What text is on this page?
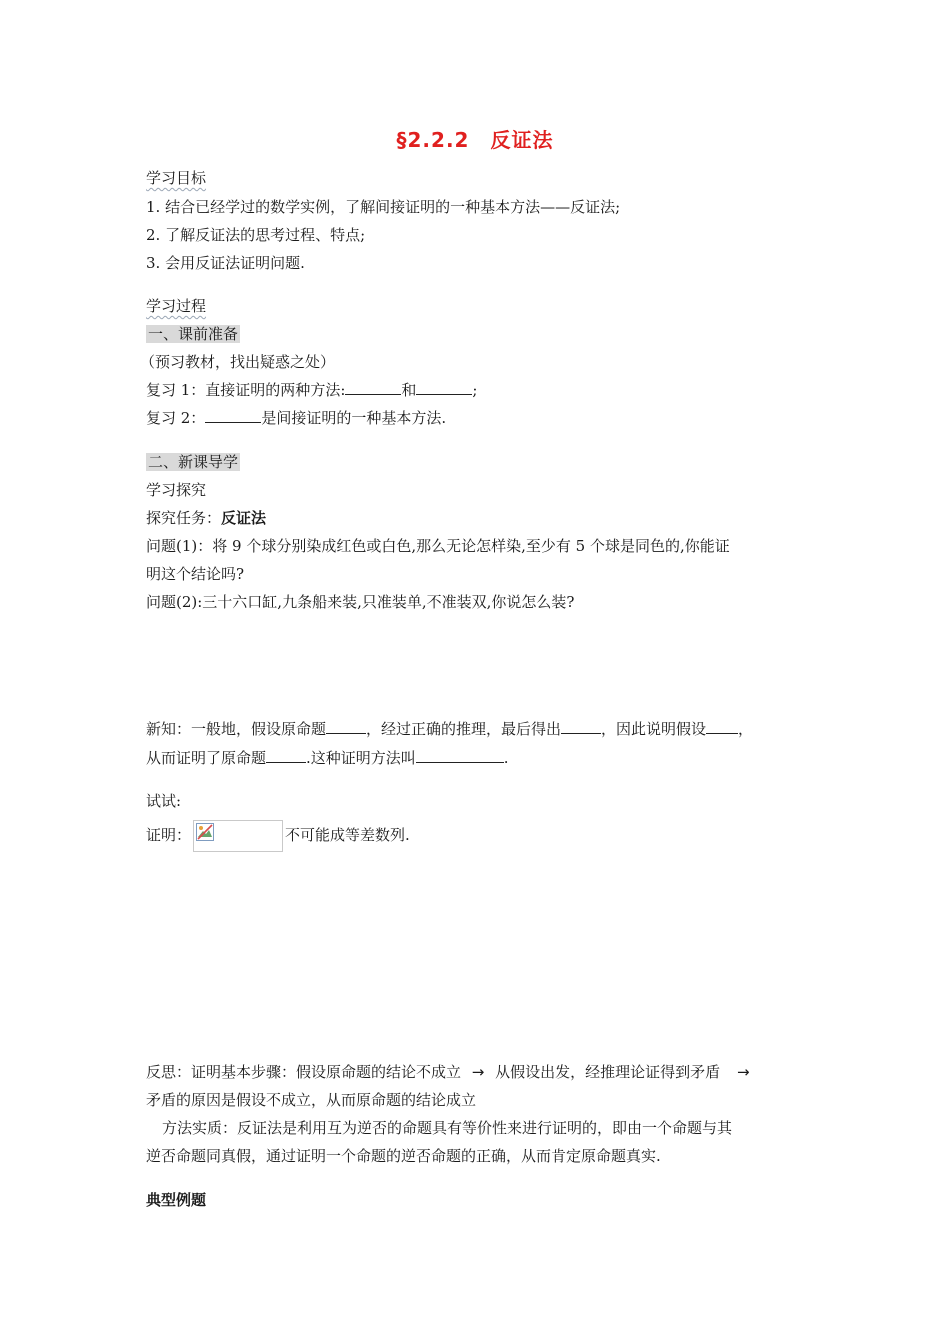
§2.2.2　反证法
学习目标
1. 结合已经学过的数学实例，了解间接证明的一种基本方法——反证法;
2. 了解反证法的思考过程、特点;
3. 会用反证法证明问题.
学习过程
一、课前准备
（预习教材，找出疑惑之处）
复习 1：直接证明的两种方法:	和	;
复习 2：	是间接证明的一种基本方法.
二、新课导学
学习探究
探究任务：反证法
问题(1)：将 9 个球分别染成红色或白色,那么无论怎样染,至少有 5 个球是同色的,你能证
明这个结论吗?
问题(2):三十六口缸,九条船来装,只准装单,不准装双,你说怎么装?
新知：一般地，假设原命题	，经过正确的推理，最后得出	，因此说明假设 ，
从而证明了原命题	.这种证明方法叫	.
试试:
证明：	不可能成等差数列.
反思：证明基本步骤：假设原命题的结论不成立 → 从假设出发，经推理论证得到矛盾 →
矛盾的原因是假设不成立，从而原命题的结论成立
方法实质：反证法是利用互为逆否的命题具有等价性来进行证明的，即由一个命题与其
逆否命题同真假，通过证明一个命题的逆否命题的正确，从而肯定原命题真实.
典型例题
